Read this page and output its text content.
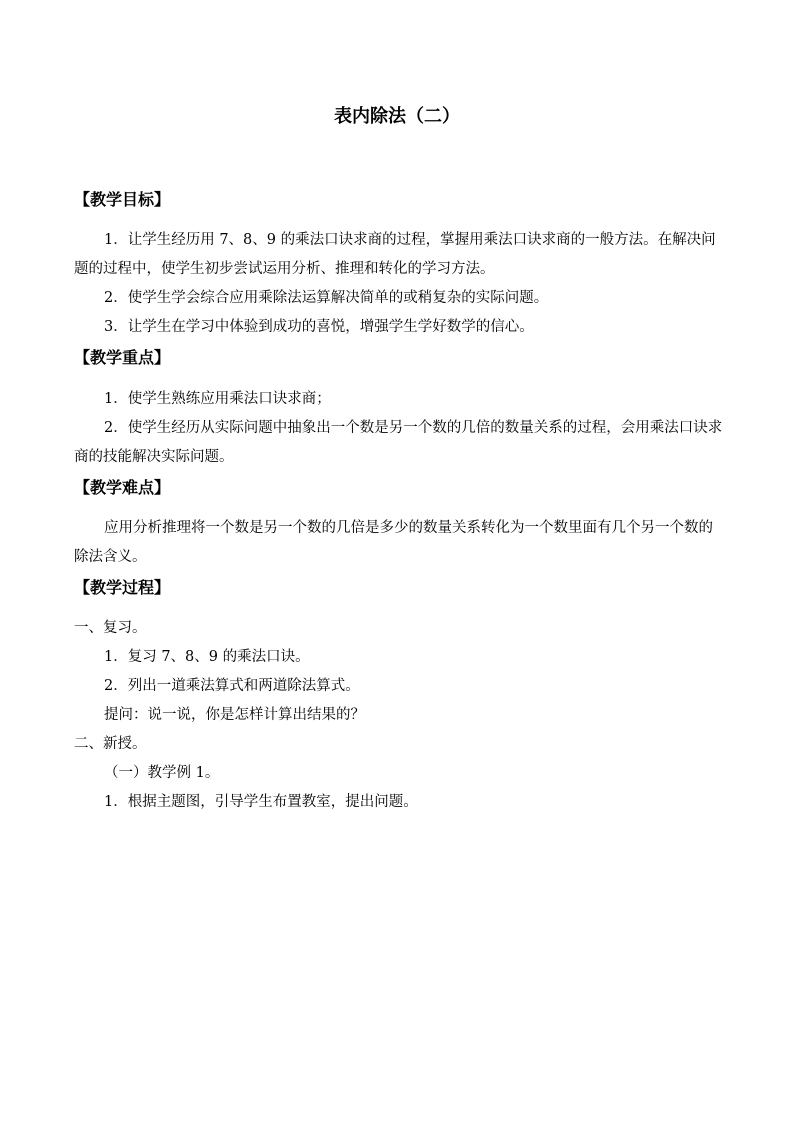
表内除法（二）
【教学目标】
1．让学生经历用 7、8、9 的乘法口诀求商的过程，掌握用乘法口诀求商的一般方法。在解决问题的过程中，使学生初步尝试运用分析、推理和转化的学习方法。
2．使学生学会综合应用乘除法运算解决简单的或稍复杂的实际问题。
3．让学生在学习中体验到成功的喜悦，增强学生学好数学的信心。
【教学重点】
1．使学生熟练应用乘法口诀求商；
2．使学生经历从实际问题中抽象出一个数是另一个数的几倍的数量关系的过程，会用乘法口诀求商的技能解决实际问题。
【教学难点】
应用分析推理将一个数是另一个数的几倍是多少的数量关系转化为一个数里面有几个另一个数的除法含义。
【教学过程】
一、复习。
1．复习 7、8、9 的乘法口诀。
2．列出一道乘法算式和两道除法算式。
提问：说一说，你是怎样计算出结果的？
二、新授。
（一）教学例 1。
1．根据主题图，引导学生布置教室，提出问题。
